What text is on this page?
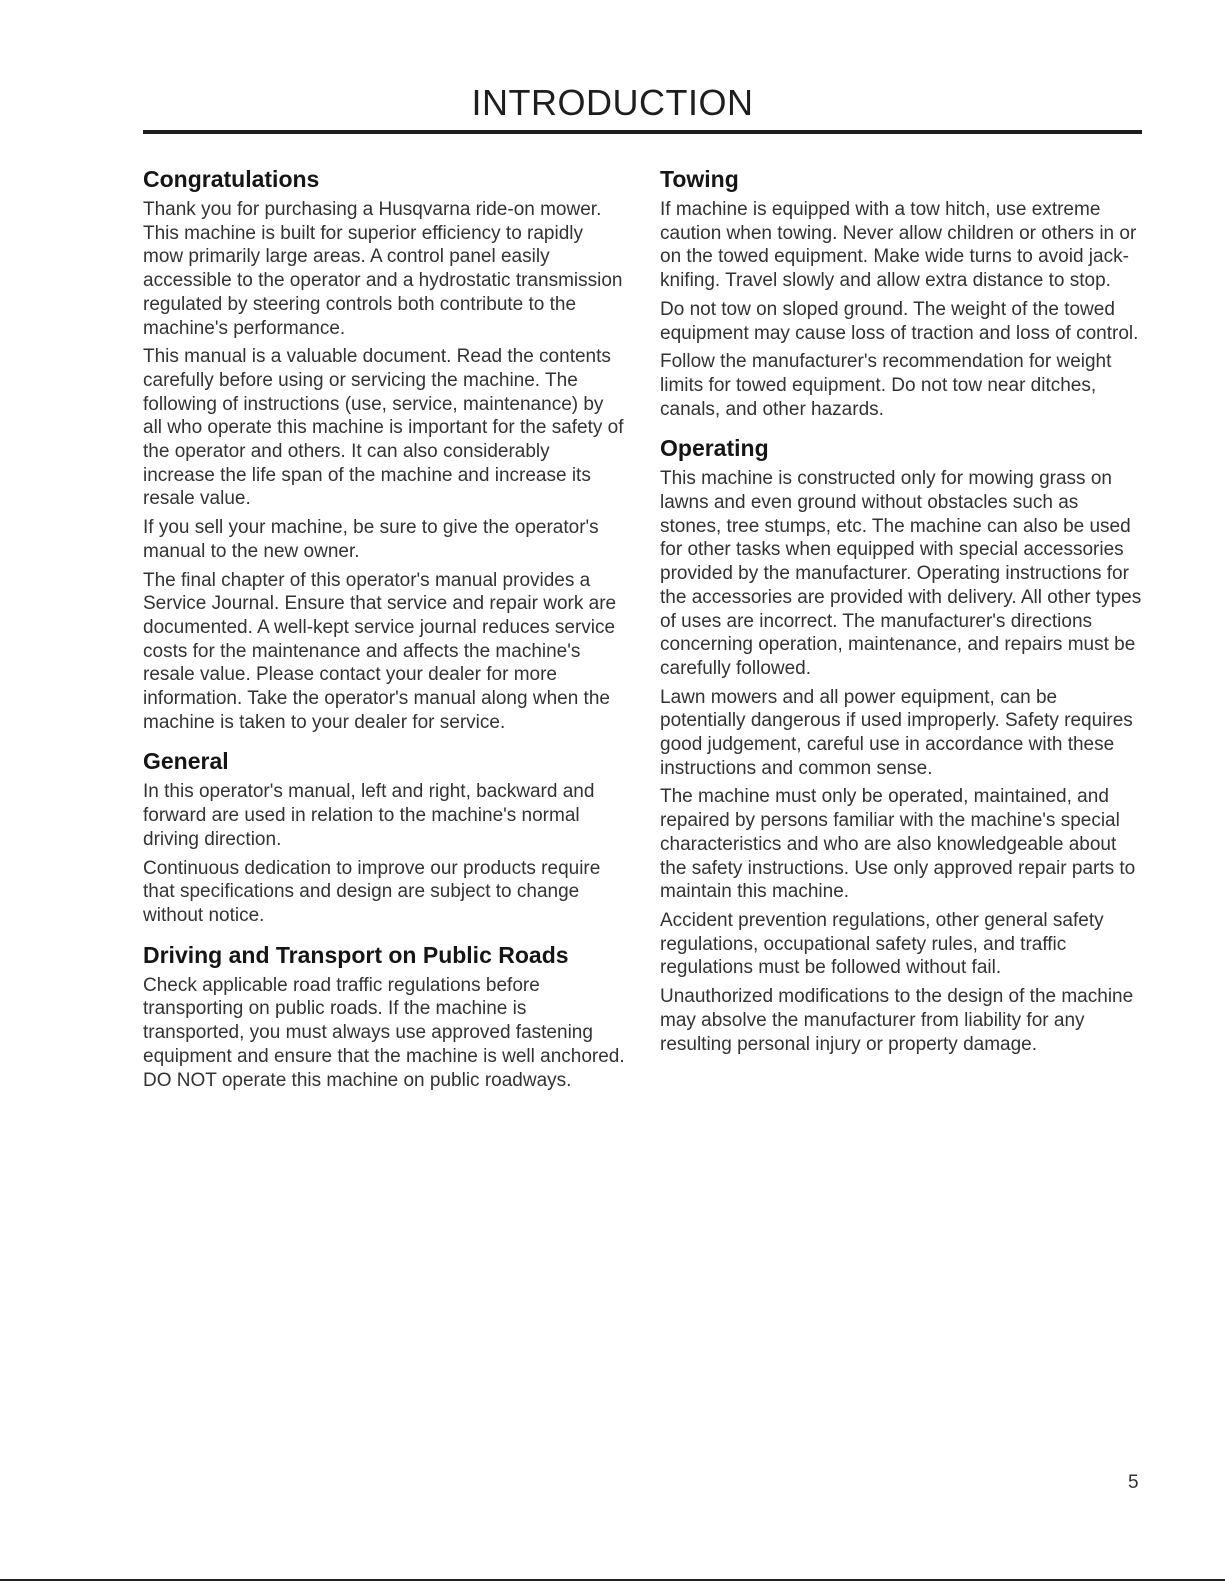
INTRODUCTION
Congratulations

Thank you for purchasing a Husqvarna ride-on mower. This machine is built for superior efficiency to rapidly mow primarily large areas. A control panel easily accessible to the operator and a hydrostatic transmission regulated by steering controls both contribute to the machine's performance.

This manual is a valuable document. Read the contents carefully before using or servicing the machine. The following of instructions (use, service, maintenance) by all who operate this machine is important for the safety of the operator and others. It can also considerably increase the life span of the machine and increase its resale value.

If you sell your machine, be sure to give the operator's manual to the new owner.

The final chapter of this operator's manual provides a Service Journal. Ensure that service and repair work are documented. A well-kept service journal reduces service costs for the maintenance and affects the machine's resale value. Please contact your dealer for more information. Take the operator's manual along when the machine is taken to your dealer for service.

General

In this operator's manual, left and right, backward and forward are used in relation to the machine's normal driving direction.

Continuous dedication to improve our products require that specifications and design are subject to change without notice.

Driving and Transport on Public Roads

Check applicable road traffic regulations before transporting on public roads. If the machine is transported, you must always use approved fastening equipment and ensure that the machine is well anchored. DO NOT operate this machine on public roadways.

Towing

If machine is equipped with a tow hitch, use extreme caution when towing. Never allow children or others in or on the towed equipment. Make wide turns to avoid jack-knifing. Travel slowly and allow extra distance to stop.

Do not tow on sloped ground. The weight of the towed equipment may cause loss of traction and loss of control.

Follow the manufacturer's recommendation for weight limits for towed equipment. Do not tow near ditches, canals, and other hazards.

Operating

This machine is constructed only for mowing grass on lawns and even ground without obstacles such as stones, tree stumps, etc. The machine can also be used for other tasks when equipped with special accessories provided by the manufacturer. Operating instructions for the accessories are provided with delivery. All other types of uses are incorrect. The manufacturer's directions concerning operation, maintenance, and repairs must be carefully followed.

Lawn mowers and all power equipment, can be potentially dangerous if used improperly. Safety requires good judgement, careful use in accordance with these instructions and common sense.

The machine must only be operated, maintained, and repaired by persons familiar with the machine's special characteristics and who are also knowledgeable about the safety instructions. Use only approved repair parts to maintain this machine.

Accident prevention regulations, other general safety regulations, occupational safety rules, and traffic regulations must be followed without fail.

Unauthorized modifications to the design of the machine may absolve the manufacturer from liability for any resulting personal injury or property damage.

5
